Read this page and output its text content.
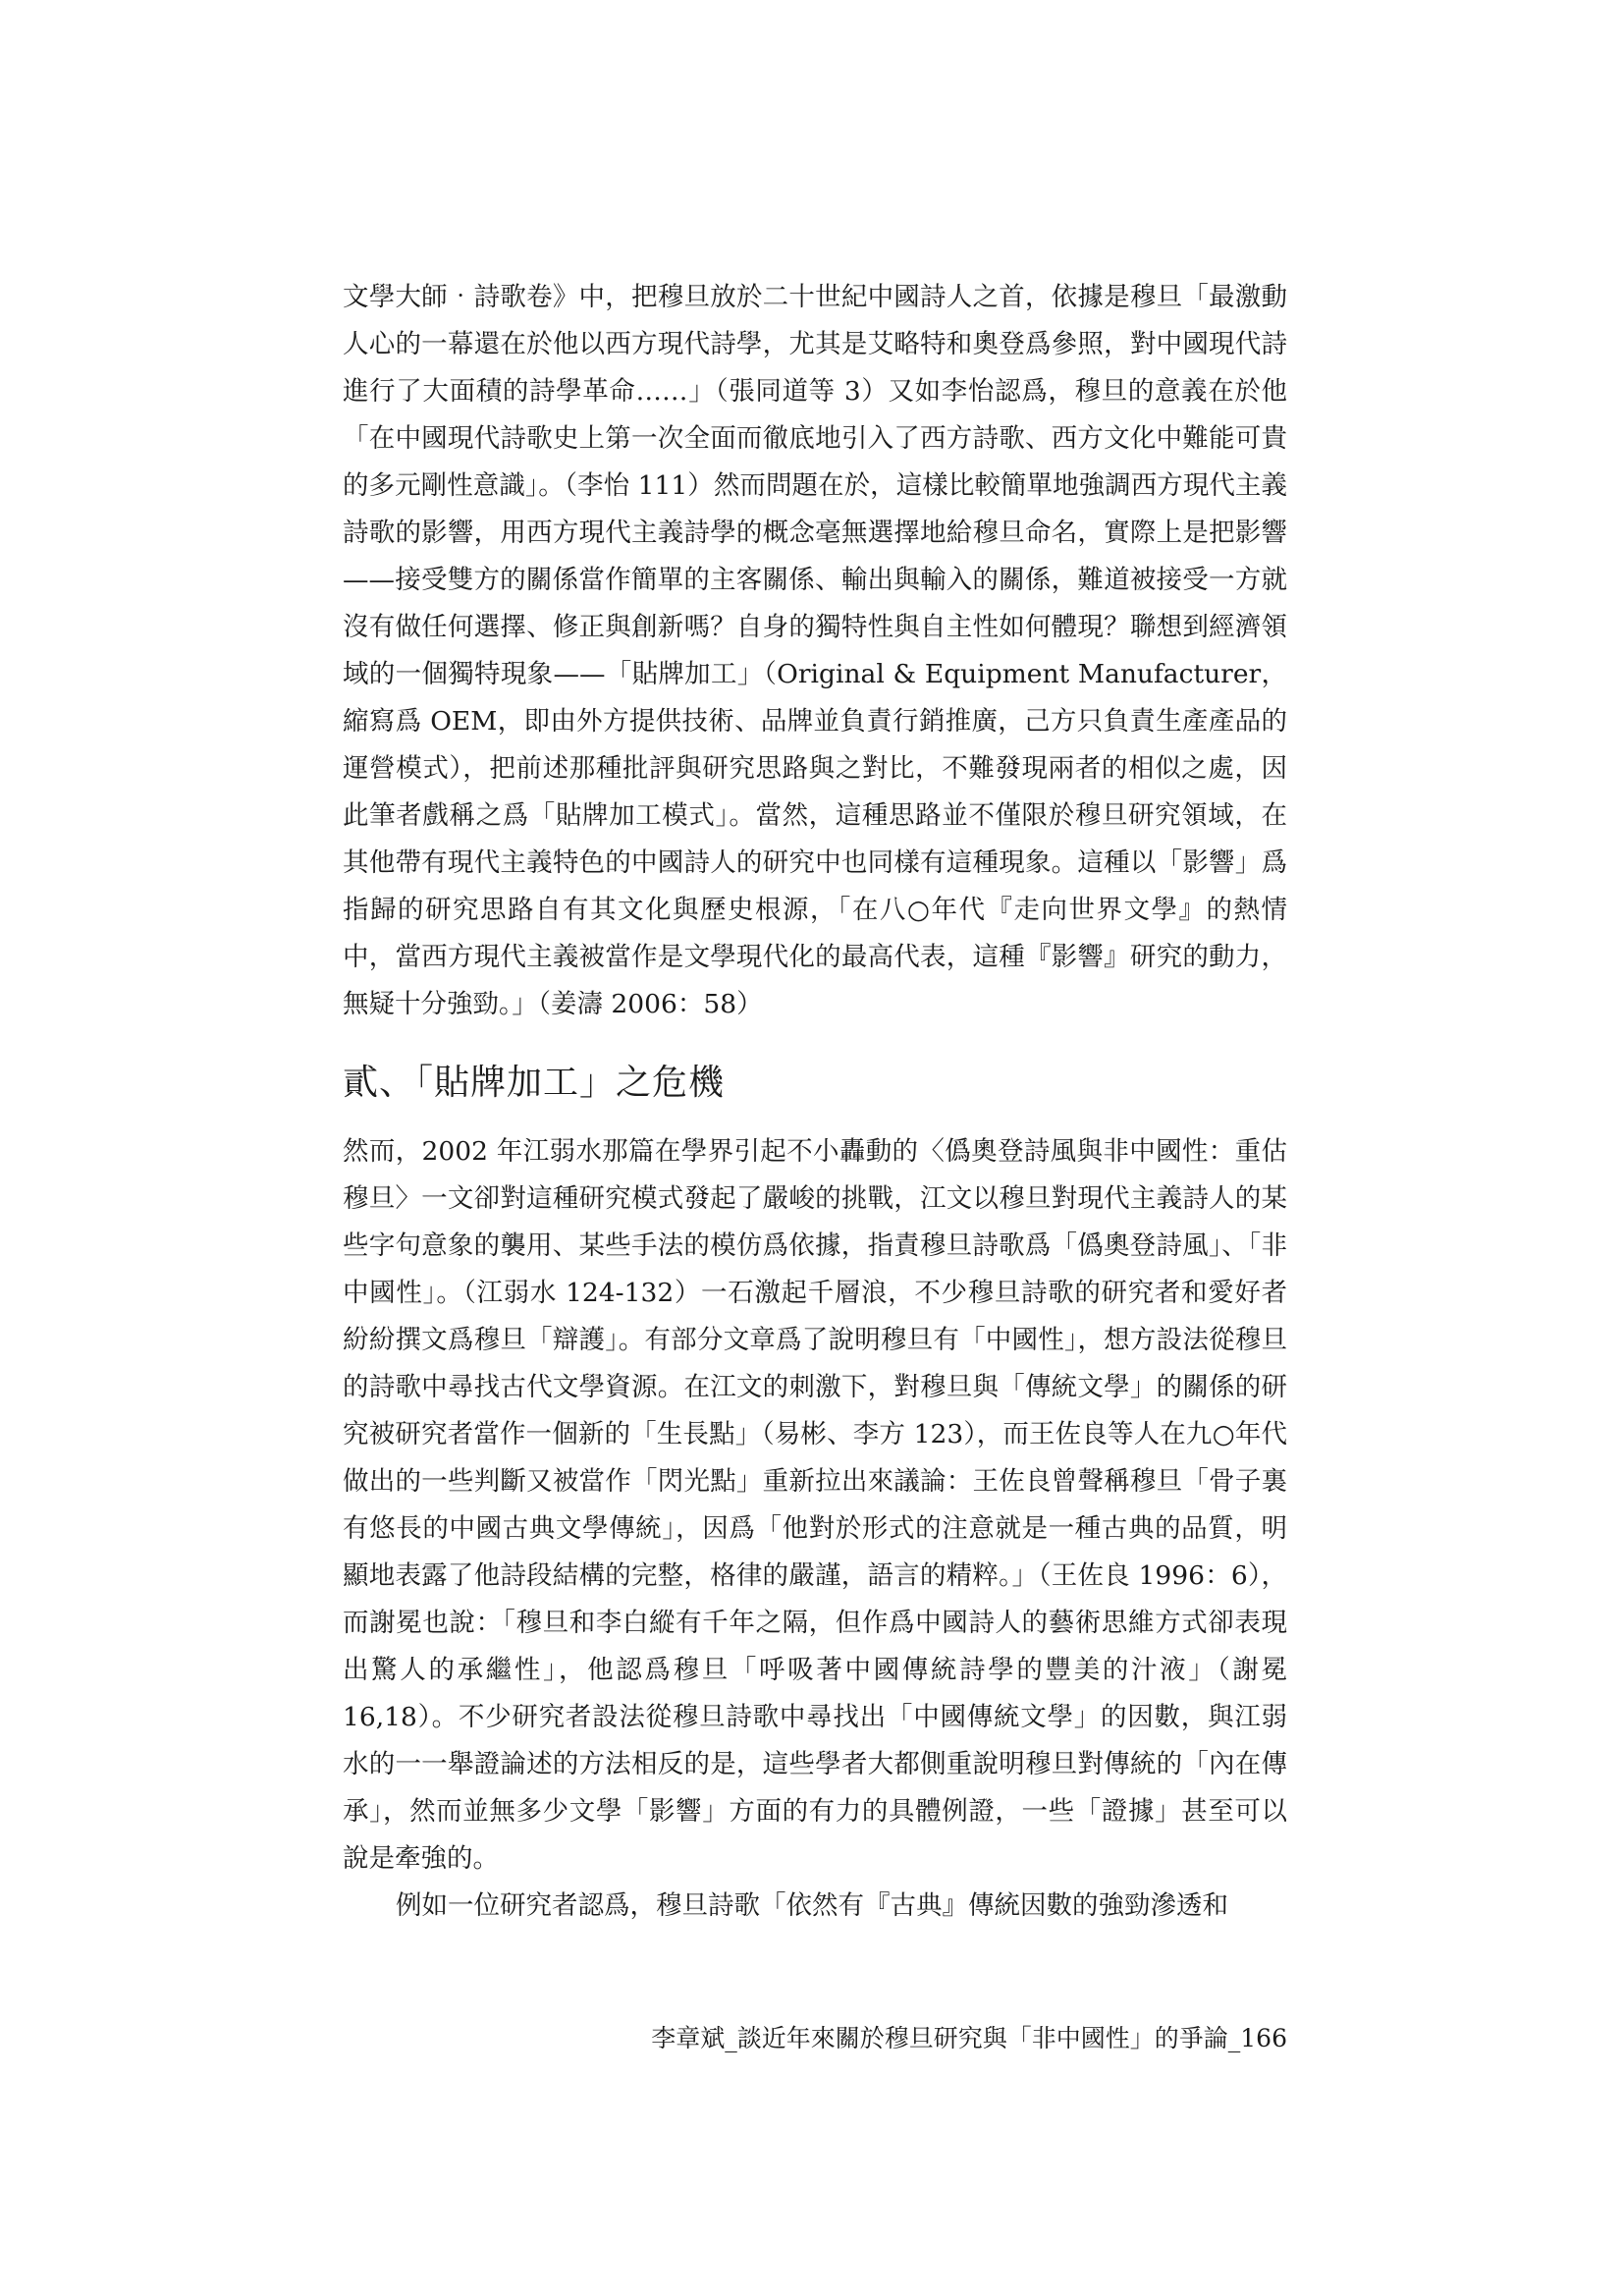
文學大師‧詩歌卷》中，把穆旦放於二十世紀中國詩人之首，依據是穆旦「最激動人心的一幕還在於他以西方現代詩學，尤其是艾略特和奧登爲參照，對中國現代詩進行了大面積的詩學革命……」（張同道等 3）又如李怡認爲，穆旦的意義在於他「在中國現代詩歌史上第一次全面而徹底地引入了西方詩歌、西方文化中難能可貴的多元剛性意識」。（李怡 111）然而問題在於，這樣比較簡單地強調西方現代主義詩歌的影響，用西方現代主義詩學的概念毫無選擇地給穆旦命名，實際上是把影響——接受雙方的關係當作簡單的主客關係、輸出與輸入的關係，難道被接受一方就沒有做任何選擇、修正與創新嗎？自身的獨特性與自主性如何體現？聯想到經濟領域的一個獨特現象——「貼牌加工」（Original & Equipment Manufacturer，縮寫爲 OEM，即由外方提供技術、品牌並負責行銷推廣，己方只負責生產產品的運營模式），把前述那種批評與研究思路與之對比，不難發現兩者的相似之處，因此筆者戲稱之爲「貼牌加工模式」。當然，這種思路並不僅限於穆旦研究領域，在其他帶有現代主義特色的中國詩人的研究中也同樣有這種現象。這種以「影響」爲指歸的研究思路自有其文化與歷史根源，「在八○年代『走向世界文學』的熱情中，當西方現代主義被當作是文學現代化的最高代表，這種『影響』研究的動力，無疑十分強勁。」（姜濤 2006：58）

貳、「貼牌加工」之危機

然而，2002 年江弱水那篇在學界引起不小轟動的〈僞奧登詩風與非中國性：重估穆旦〉一文卻對這種研究模式發起了嚴峻的挑戰，江文以穆旦對現代主義詩人的某些字句意象的襲用、某些手法的模仿爲依據，指責穆旦詩歌爲「僞奧登詩風」、「非中國性」。（江弱水 124-132）一石激起千層浪，不少穆旦詩歌的研究者和愛好者紛紛撰文爲穆旦「辯護」。有部分文章爲了說明穆旦有「中國性」，想方設法從穆旦的詩歌中尋找古代文學資源。在江文的刺激下，對穆旦與「傳統文學」的關係的研究被研究者當作一個新的「生長點」（易彬、李方 123），而王佐良等人在九○年代做出的一些判斷又被當作「閃光點」重新拉出來議論：王佐良曾聲稱穆旦「骨子裏有悠長的中國古典文學傳統」，因爲「他對於形式的注意就是一種古典的品質，明顯地表露了他詩段結構的完整，格律的嚴謹，語言的精粹。」（王佐良 1996：6），而謝冕也說：「穆旦和李白縱有千年之隔，但作爲中國詩人的藝術思維方式卻表現出驚人的承繼性」，他認爲穆旦「呼吸著中國傳統詩學的豐美的汁液」（謝冕 16,18）。不少研究者設法從穆旦詩歌中尋找出「中國傳統文學」的因數，與江弱水的一一舉證論述的方法相反的是，這些學者大都側重說明穆旦對傳統的「內在傳承」，然而並無多少文學「影響」方面的有力的具體例證，一些「證據」甚至可以說是牽強的。

例如一位研究者認爲，穆旦詩歌「依然有『古典』傳統因數的強勁滲透和

李章斌_談近年來關於穆旦研究與「非中國性」的爭論_166
